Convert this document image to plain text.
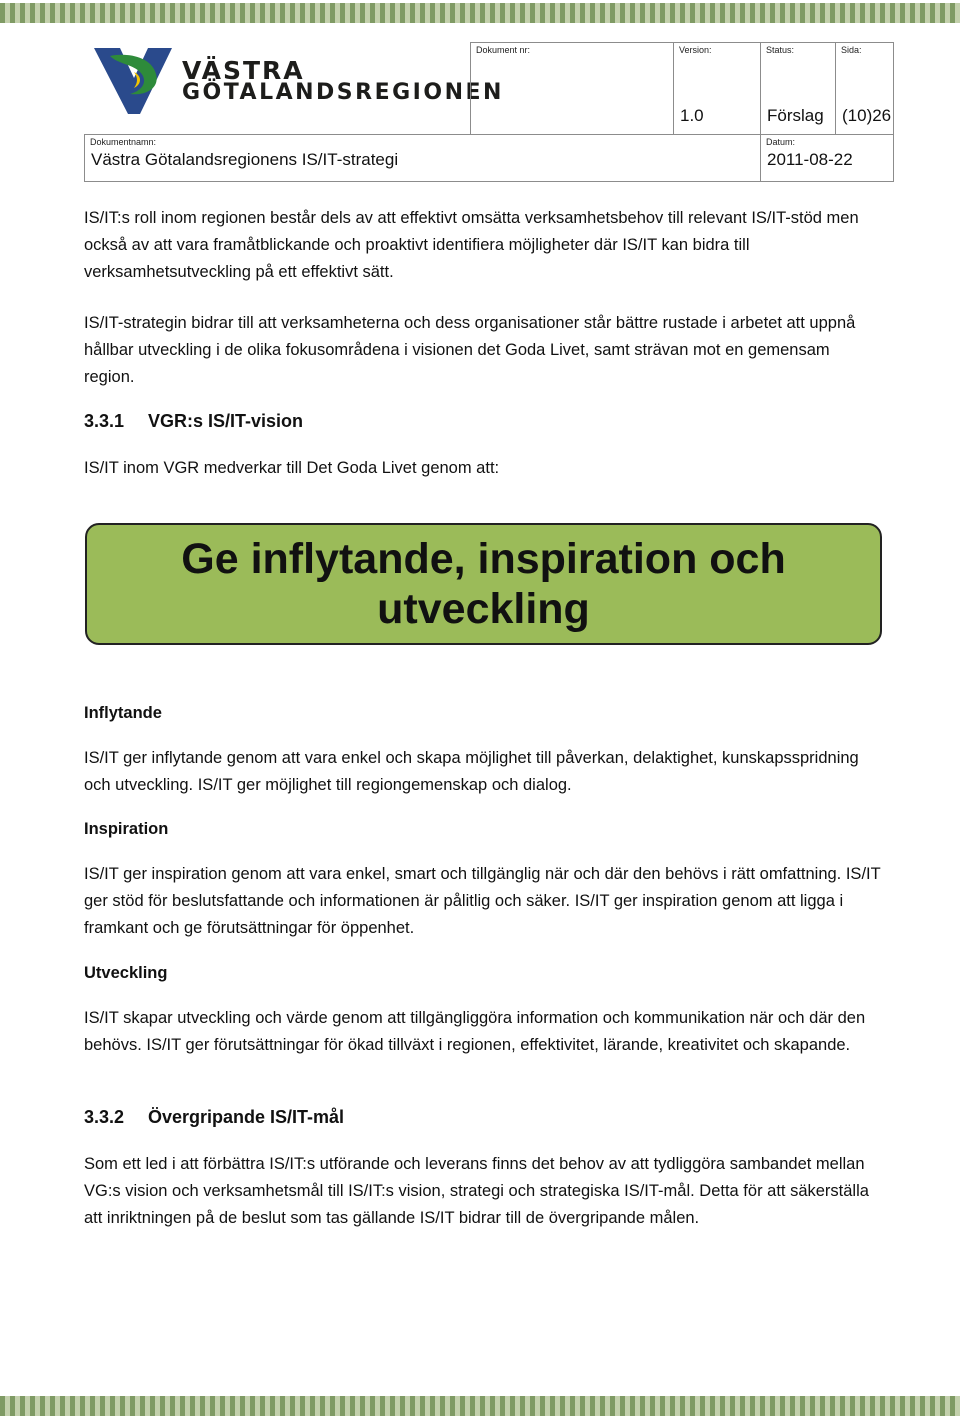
VÄSTRA
GÖTALANDSREGIONEN
Dokument nr:	Version:
1.0
Status:
Förslag
Sida:
(10)26
Dokumentnamn:
Västra Götalandsregionens IS/IT-strategi
Datum:
2011-08-22
IS/IT:s roll inom regionen består dels av att effektivt omsätta verksamhetsbehov till relevant IS/IT-stöd men också av att vara framåtblickande och proaktivt identifiera möjligheter där IS/IT kan bidra till verksamhetsutveckling på ett effektivt sätt.
IS/IT-strategin bidrar till att verksamheterna och dess organisationer står bättre rustade i arbetet att uppnå hållbar utveckling i de olika fokusområdena i visionen det Goda Livet, samt strävan mot en gemensam region.
3.3.1 VGR:s IS/IT-vision
IS/IT inom VGR medverkar till Det Goda Livet genom att:
Ge inflytande, inspiration och utveckling
Inflytande
IS/IT ger inflytande genom att vara enkel och skapa möjlighet till påverkan, delaktighet, kunskapsspridning och utveckling. IS/IT ger möjlighet till regiongemenskap och dialog.
Inspiration
IS/IT ger inspiration genom att vara enkel, smart och tillgänglig när och där den behövs i rätt omfattning. IS/IT ger stöd för beslutsfattande och informationen är pålitlig och säker. IS/IT ger inspiration genom att ligga i framkant och ge förutsättningar för öppenhet.
Utveckling
IS/IT skapar utveckling och värde genom att tillgängliggöra information och kommunikation när och där den behövs. IS/IT ger förutsättningar för ökad tillväxt i regionen, effektivitet, lärande, kreativitet och skapande.
3.3.2 Övergripande IS/IT-mål
Som ett led i att förbättra IS/IT:s utförande och leverans finns det behov av att tydliggöra sambandet mellan VG:s vision och verksamhetsmål till IS/IT:s vision, strategi och strategiska IS/IT-mål. Detta för att säkerställa att inriktningen på de beslut som tas gällande IS/IT bidrar till de övergripande målen.
